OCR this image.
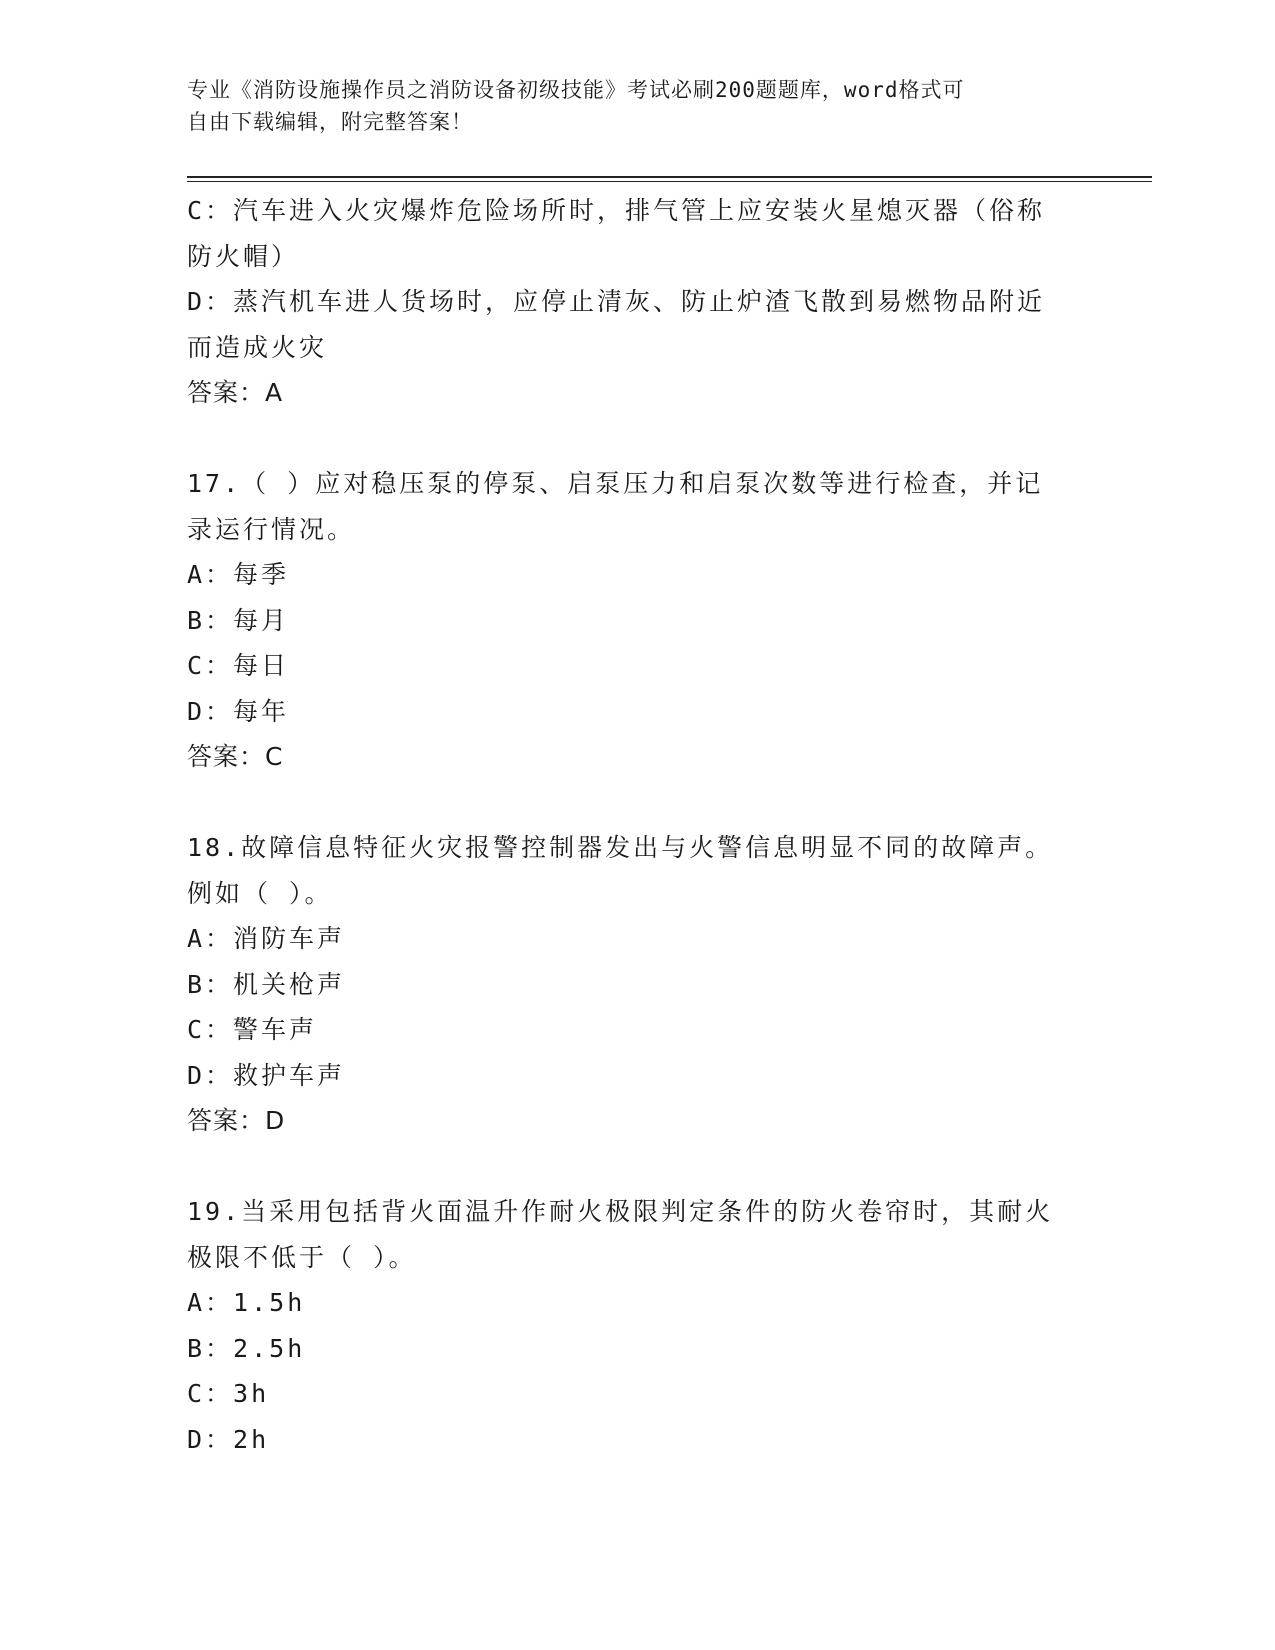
专业《消防设施操作员之消防设备初级技能》考试必刷200题题库，word格式可
自由下载编辑，附完整答案！
C：汽车进入火灾爆炸危险场所时，排气管上应安装火星熄灭器（俗称
防火帽）
D：蒸汽机车进人货场时，应停止清灰、防止炉渣飞散到易燃物品附近
而造成火灾
答案：A
17.（ ）应对稳压泵的停泵、启泵压力和启泵次数等进行检查，并记
录运行情况。
A：每季
B：每月
C：每日
D：每年
答案：C
18.故障信息特征火灾报警控制器发出与火警信息明显不同的故障声。
例如（ ）。
A：消防车声
B：机关枪声
C：警车声
D：救护车声
答案：D
19.当采用包括背火面温升作耐火极限判定条件的防火卷帘时，其耐火
极限不低于（ ）。
A：1.5h
B：2.5h
C：3h
D：2h
